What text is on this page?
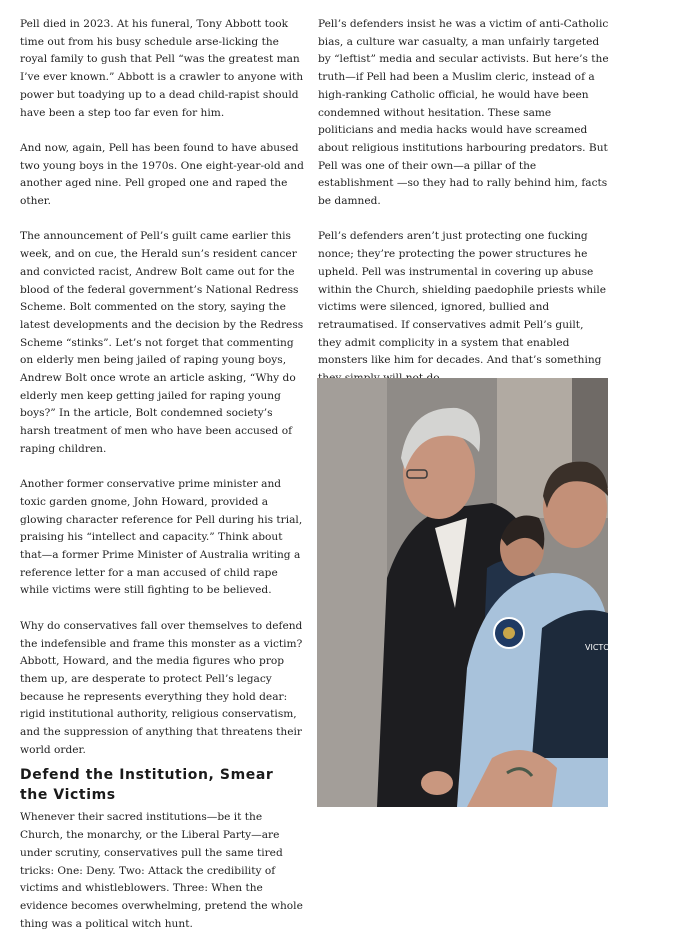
Pell died in 2023. At his funeral, Tony Abbott took time out from his busy schedule arse-licking the royal family to gush that Pell “was the greatest man I’ve ever known.” Abbott is a crawler to anyone with power but toadying up to a dead child-rapist should have been a step too far even for him.

And now, again, Pell has been found to have abused two young boys in the 1970s. One eight-year-old and another aged nine. Pell groped one and raped the other.

The announcement of Pell’s guilt came earlier this week, and on cue, the Herald sun’s resident cancer and convicted racist, Andrew Bolt came out for the blood of the federal government’s National Redress Scheme. Bolt commented on the story, saying the latest developments and the decision by the Redress Scheme “stinks”. Let’s not forget that commenting on elderly men being jailed of raping young boys, Andrew Bolt once wrote an article asking, “Why do elderly men keep getting jailed for raping young boys?” In the article, Bolt condemned society’s harsh treatment of men who have been accused of raping children.

Another former conservative prime minister and toxic garden gnome, John Howard, provided a glowing character reference for Pell during his trial, praising his “intellect and capacity.” Think about that—a former Prime Minister of Australia writing a reference letter for a man accused of child rape while victims were still fighting to be believed.

Why do conservatives fall over themselves to defend the indefensible and frame this monster as a victim?

Abbott, Howard, and the media figures who prop them up, are desperate to protect Pell’s legacy because he represents everything they hold dear: rigid institutional authority, religious conservatism, and the suppression of anything that threatens their world order.

Defend the Institution, Smear the Victims

Whenever their sacred institutions—be it the Church, the monarchy, or the Liberal Party—are under scrutiny, conservatives pull the same tired tricks: One: Deny. Two: Attack the credibility of victims and whistleblowers. Three: When the evidence becomes overwhelming, pretend the whole thing was a political witch hunt.

Pell’s defenders insist he was a victim of anti-Catholic bias, a culture war casualty, a man unfairly targeted by “leftist” media and secular activists. But here’s the truth—if Pell had been a Muslim cleric, instead of a high-ranking Catholic official, he would have been condemned without hesitation. These same politicians and media hacks would have screamed about religious institutions harbouring predators. But Pell was one of their own—a pillar of the establishment —so they had to rally behind him, facts be damned.

Pell’s defenders aren’t just protecting one fucking nonce; they’re protecting the power structures he upheld. Pell was instrumental in covering up abuse within the Church, shielding paedophile priests while victims were silenced, ignored, bullied and retraumatised. If conservatives admit Pell’s guilt, they admit complicity in a system that enabled monsters like him for decades. And that’s something

VICTORIA
